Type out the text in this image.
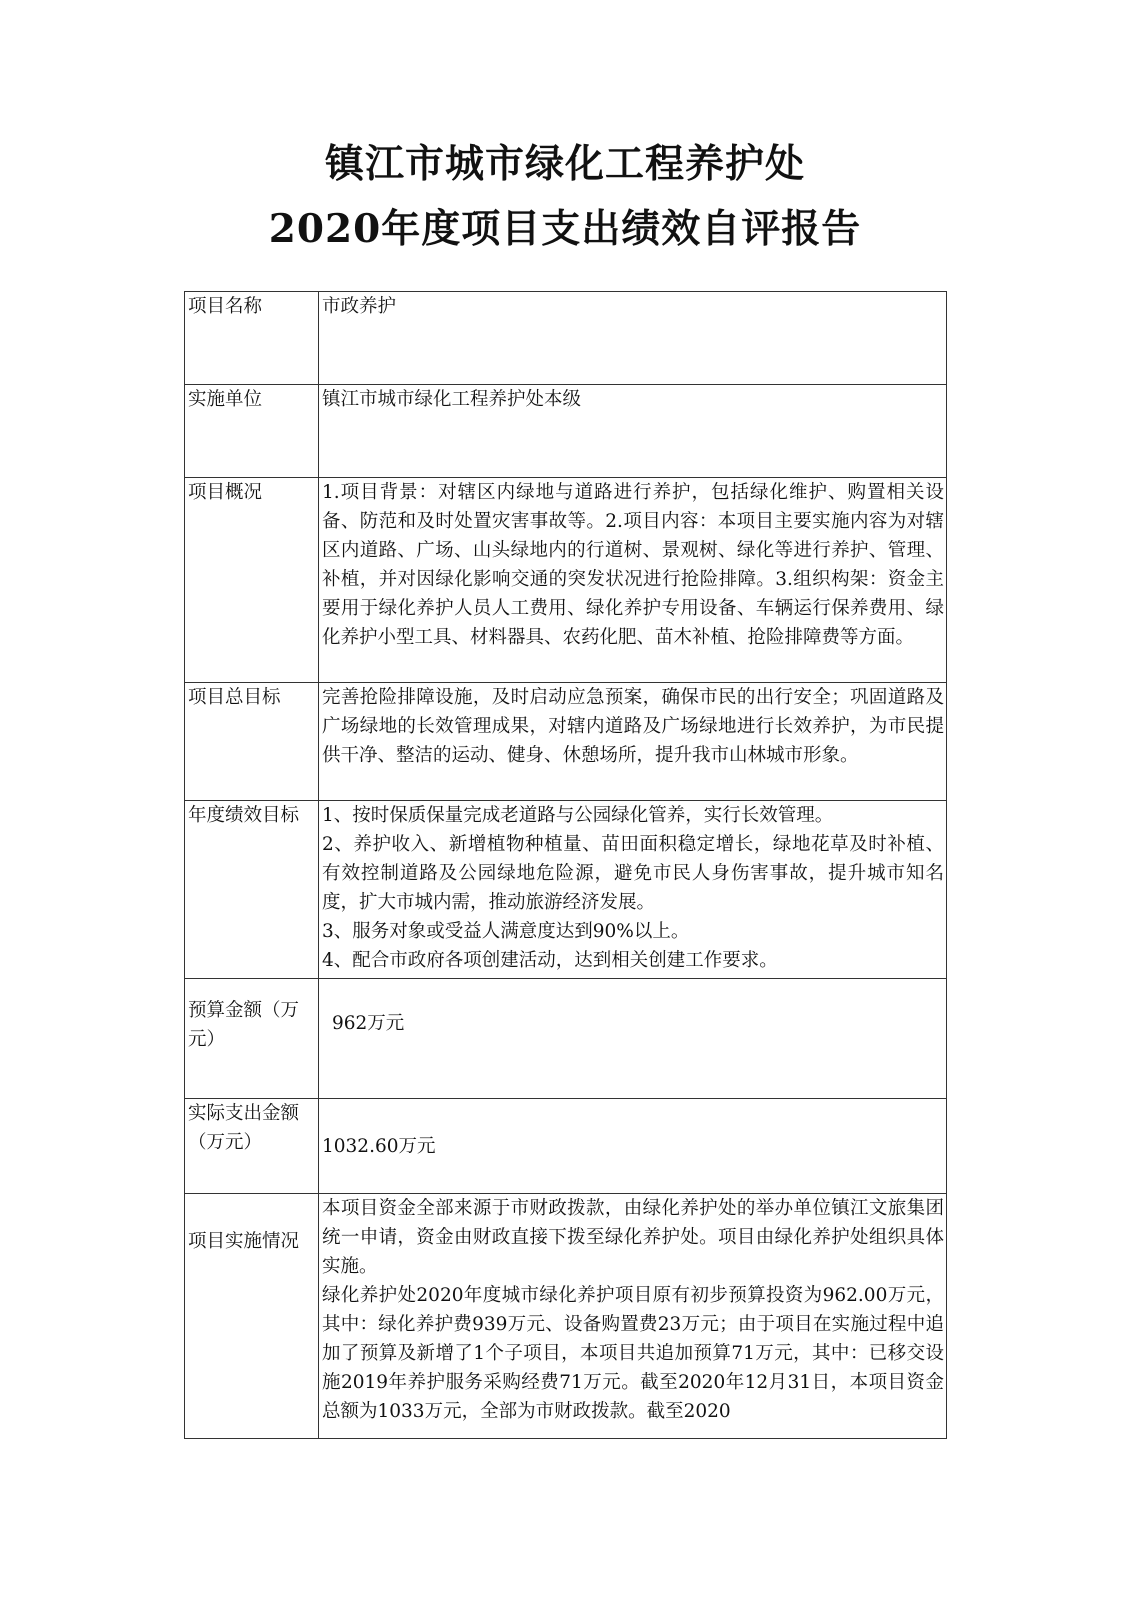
镇江市城市绿化工程养护处
2020年度项目支出绩效自评报告
项目名称	市政养护
实施单位	镇江市城市绿化工程养护处本级
项目概况	1.项目背景：对辖区内绿地与道路进行养护，包括绿化维护、购置相关设备、防范和及时处置灾害事故等。2.项目内容：本项目主要实施内容为对辖区内道路、广场、山头绿地内的行道树、景观树、绿化等进行养护、管理、补植，并对因绿化影响交通的突发状况进行抢险排障。3.组织构架：资金主要用于绿化养护人员人工费用、绿化养护专用设备、车辆运行保养费用、绿化养护小型工具、材料器具、农药化肥、苗木补植、抢险排障费等方面。
项目总目标	完善抢险排障设施，及时启动应急预案，确保市民的出行安全；巩固道路及广场绿地的长效管理成果，对辖内道路及广场绿地进行长效养护，为市民提供干净、整洁的运动、健身、休憩场所，提升我市山林城市形象。
年度绩效目标	1、按时保质保量完成老道路与公园绿化管养，实行长效管理。
2、养护收入、新增植物种植量、苗田面积稳定增长，绿地花草及时补植、有效控制道路及公园绿地危险源，避免市民人身伤害事故，提升城市知名度，扩大市城内需，推动旅游经济发展。
3、服务对象或受益人满意度达到90%以上。
4、配合市政府各项创建活动，达到相关创建工作要求。

预算金额（万元）	962万元
实际支出金额（万元）	1032.60万元
项目实施情况	本项目资金全部来源于市财政拨款，由绿化养护处的举办单位镇江文旅集团统一申请，资金由财政直接下拨至绿化养护处。项目由绿化养护处组织具体实施。
绿化养护处2020年度城市绿化养护项目原有初步预算投资为962.00万元，其中：绿化养护费939万元、设备购置费23万元；由于项目在实施过程中追加了预算及新增了1个子项目，本项目共追加预算71万元，其中：已移交设施2019年养护服务采购经费71万元。截至2020年12月31日，本项目资金总额为1033万元，全部为市财政拨款。截至2020
